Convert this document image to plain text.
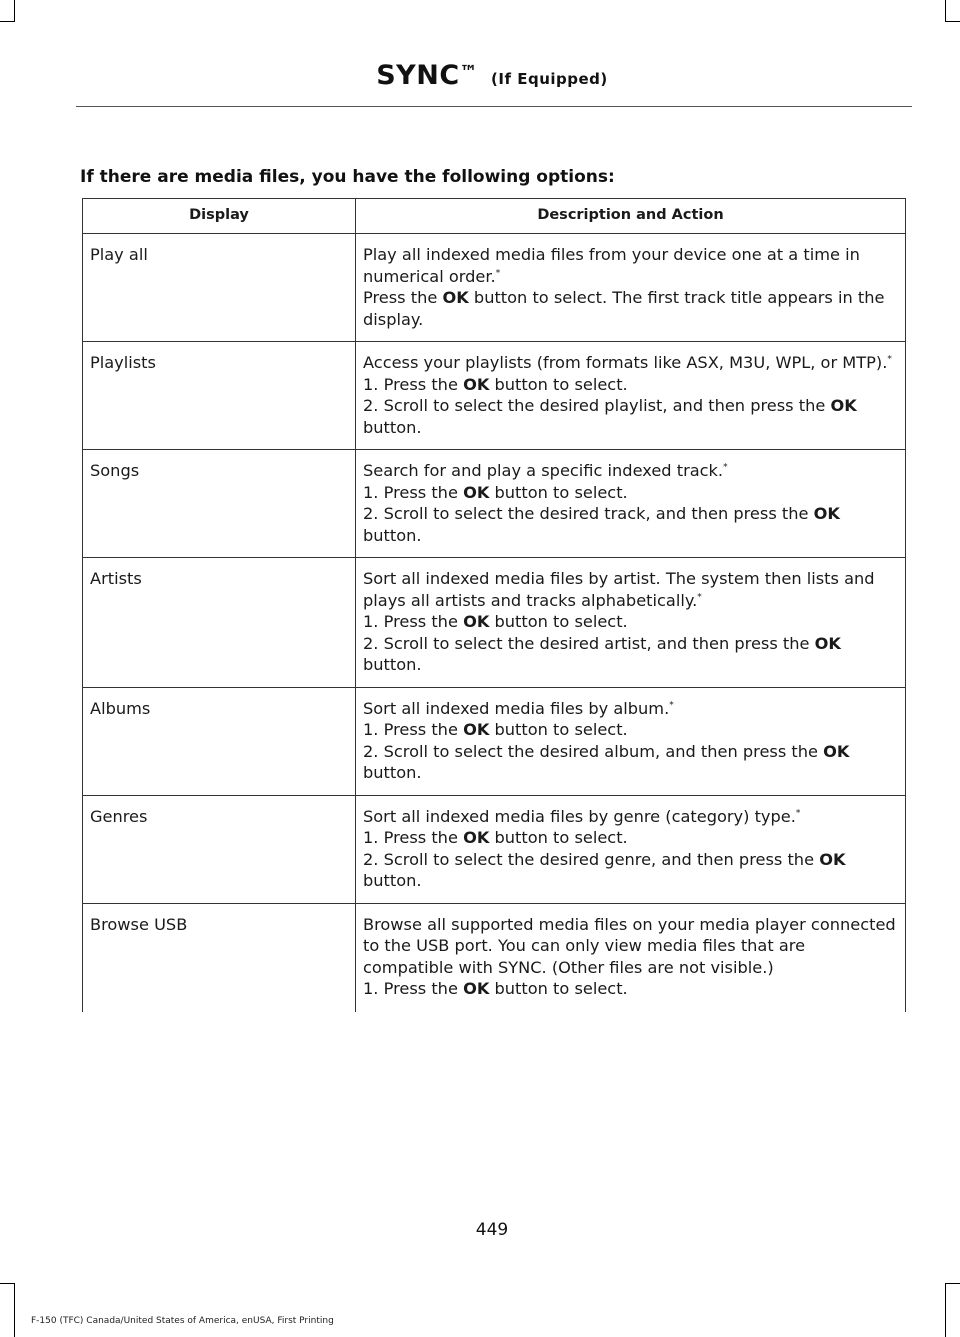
SYNC™ (If Equipped)
If there are media files, you have the following options:
Display	Description and Action
Play all	Play all indexed media files from your device one at a time in numerical order.*
Press the OK button to select. The first track title appears in the display.

Playlists	Access your playlists (from formats like ASX, M3U, WPL, or MTP).*
1. Press the OK button to select.
2. Scroll to select the desired playlist, and then press the OK button.

Songs	Search for and play a specific indexed track.*
1. Press the OK button to select.
2. Scroll to select the desired track, and then press the OK button.

Artists	Sort all indexed media files by artist. The system then lists and plays all artists and tracks alphabetically.*
1. Press the OK button to select.
2. Scroll to select the desired artist, and then press the OK button.

Albums	Sort all indexed media files by album.*
1. Press the OK button to select.
2. Scroll to select the desired album, and then press the OK button.

Genres	Sort all indexed media files by genre (category) type.*
1. Press the OK button to select.
2. Scroll to select the desired genre, and then press the OK button.

Browse USB	Browse all supported media files on your media player connected to the USB port. You can only view media files that are compatible with SYNC. (Other files are not visible.)
1. Press the OK button to select.
449
F-150 (TFC) Canada/United States of America, enUSA, First Printing
